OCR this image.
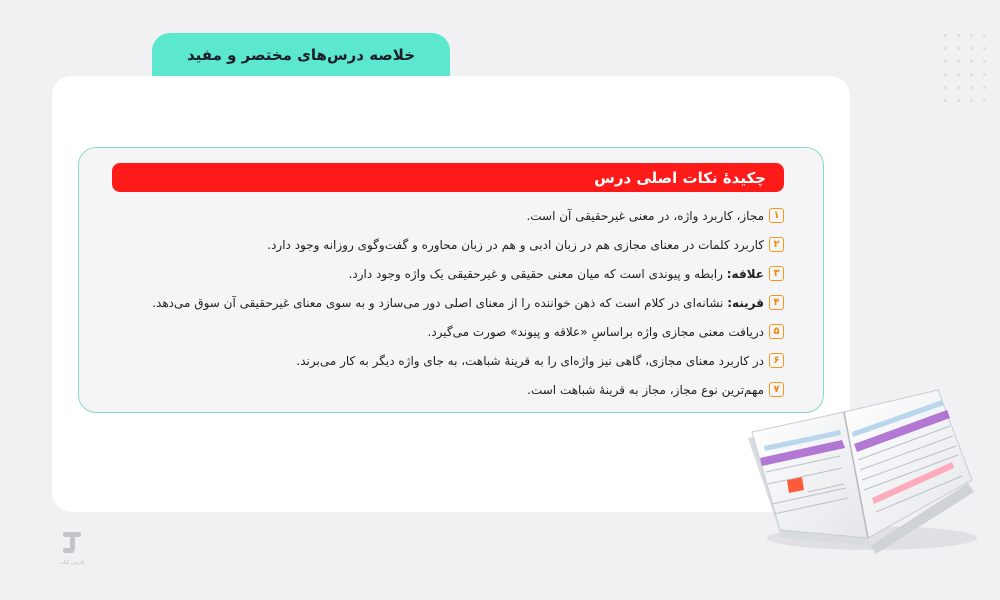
خلاصه درس‌های مختصر و مفید
چکیدهٔ نکات اصلی درس
۱
مجاز، کاربرد واژه، در معنی غیرحقیقی آن است.
۲
کاربرد کلمات در معنای مجازی هم در زبان ادبی و هم در زبان محاوره و گفت‌وگوی روزانه وجود دارد.
۳
علاقه: رابطه و پیوندی است که میان معنی حقیقی و غیرحقیقی یک واژه وجود دارد.
۴
قرینه: نشانه‌ای در کلام است که ذهن خواننده را از معنای اصلی دور می‌سازد و به سوی معنای غیرحقیقی آن سوق می‌دهد.
۵
دریافت معنی مجازی واژه براساسِ «علاقه و پیوند» صورت می‌گیرد.
۶
در کاربرد معنای مجازی، گاهی نیز واژه‌ای را به قرینهٔ شباهت، به جای واژه دیگر به کار می‌برند.
۷
مهم‌ترین نوع مجاز، مجاز به قرینهٔ شباهت است.
پادرس کتاب
